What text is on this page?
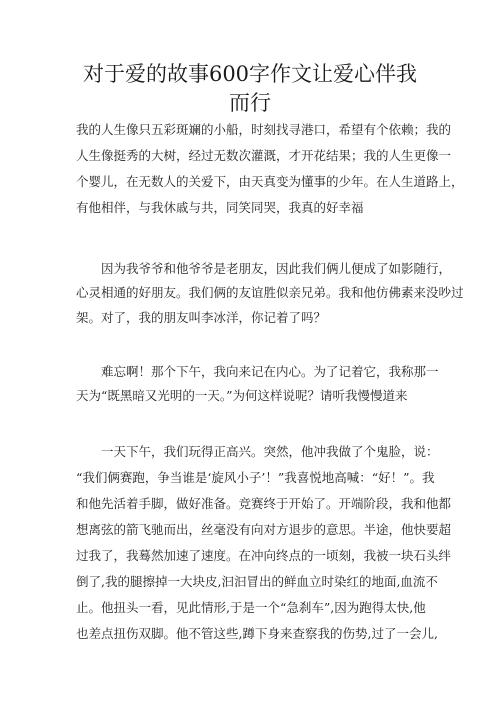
对于爱的故事600字作文让爱心伴我
而行
我的人生像只五彩斑斓的小船，时刻找寻港口，希望有个依赖；我的
人生像挺秀的大树，经过无数次灌溉，才开花结果；我的人生更像一
个婴儿，在无数人的关爱下，由天真变为懂事的少年。在人生道路上，
有他相伴，与我休戚与共，同笑同哭，我真的好幸福
因为我爷爷和他爷爷是老朋友，因此我们俩儿便成了如影随行，
心灵相通的好朋友。我们俩的友谊胜似亲兄弟。我和他仿佛素来没吵过
架。对了，我的朋友叫李冰洋，你记着了吗？
难忘啊！那个下午，我向来记在内心。为了记着它，我称那一
天为“既黑暗又光明的一天。”为何这样说呢？请听我慢慢道来
一天下午，我们玩得正高兴。突然，他冲我做了个鬼脸，说：
“我们俩赛跑，争当谁是‘旋风小子’！”我喜悦地高喊：“好！”。我
和他先活着手脚，做好准备。竞赛终于开始了。开端阶段，我和他都
想离弦的箭飞驰而出，丝毫没有向对方退步的意思。半途，他快要超
过我了，我蓦然加速了速度。在冲向终点的一顷刻，我被一块石头绊
倒了,我的腿擦掉一大块皮,汩汩冒出的鲜血立时染红的地面,血流不
止。他扭头一看，见此情形,于是一个“急刹车”,因为跑得太快,他
也差点扭伤双脚。他不管这些,蹲下身来查察我的伤势,过了一会儿,
